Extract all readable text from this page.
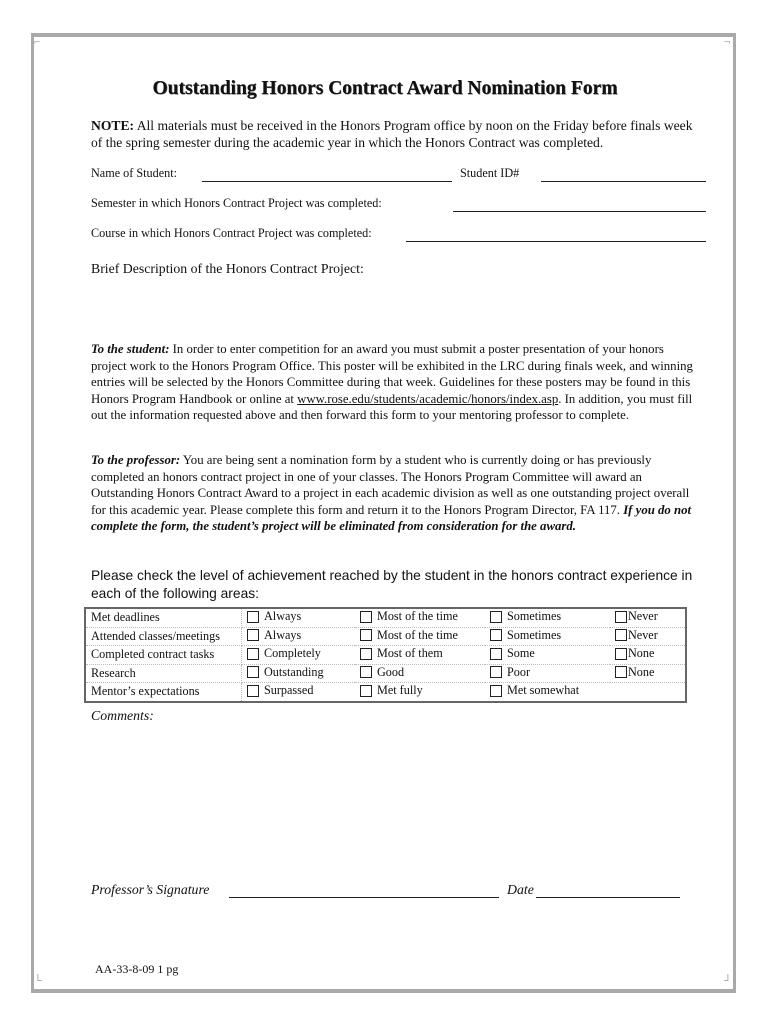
⌐	¬
└	┘
Outstanding Honors Contract Award Nomination Form
NOTE: All materials must be received in the Honors Program office by noon on the Friday before finals week of the spring semester during the academic year in which the Honors Contract was completed.
Name of Student:	Student ID#
Semester in which Honors Contract Project was completed:
Course in which Honors Contract Project was completed:
Brief Description of the Honors Contract Project:
To the student: In order to enter competition for an award you must submit a poster presentation of your honors project work to the Honors Program Office. This poster will be exhibited in the LRC during finals week, and winning entries will be selected by the Honors Committee during that week. Guidelines for these posters may be found in this Honors Program Handbook or online at www.rose.edu/students/academic/honors/index.asp. In addition, you must fill out the information requested above and then forward this form to your mentoring professor to complete.
To the professor: You are being sent a nomination form by a student who is currently doing or has previously completed an honors contract project in one of your classes. The Honors Program Committee will award an Outstanding Honors Contract Award to a project in each academic division as well as one outstanding project overall for this academic year. Please complete this form and return it to the Honors Program Director, FA 117. If you do not complete the form, the student’s project will be eliminated from consideration for the award.
Please check the level of achievement reached by the student in the honors contract experience in each of the following areas:
Met deadlines	Always	Most of the time	Sometimes	Never

Attended classes/meetings	Always	Most of the time	Sometimes	Never

Completed contract tasks	Completely	Most of them	Some	None

Research	Outstanding	Good	Poor	None

Mentor’s expectations	Surpassed	Met fully	Met somewhat	

Comments:
Professor’s Signature	Date
AA-33-8-09 1 pg
